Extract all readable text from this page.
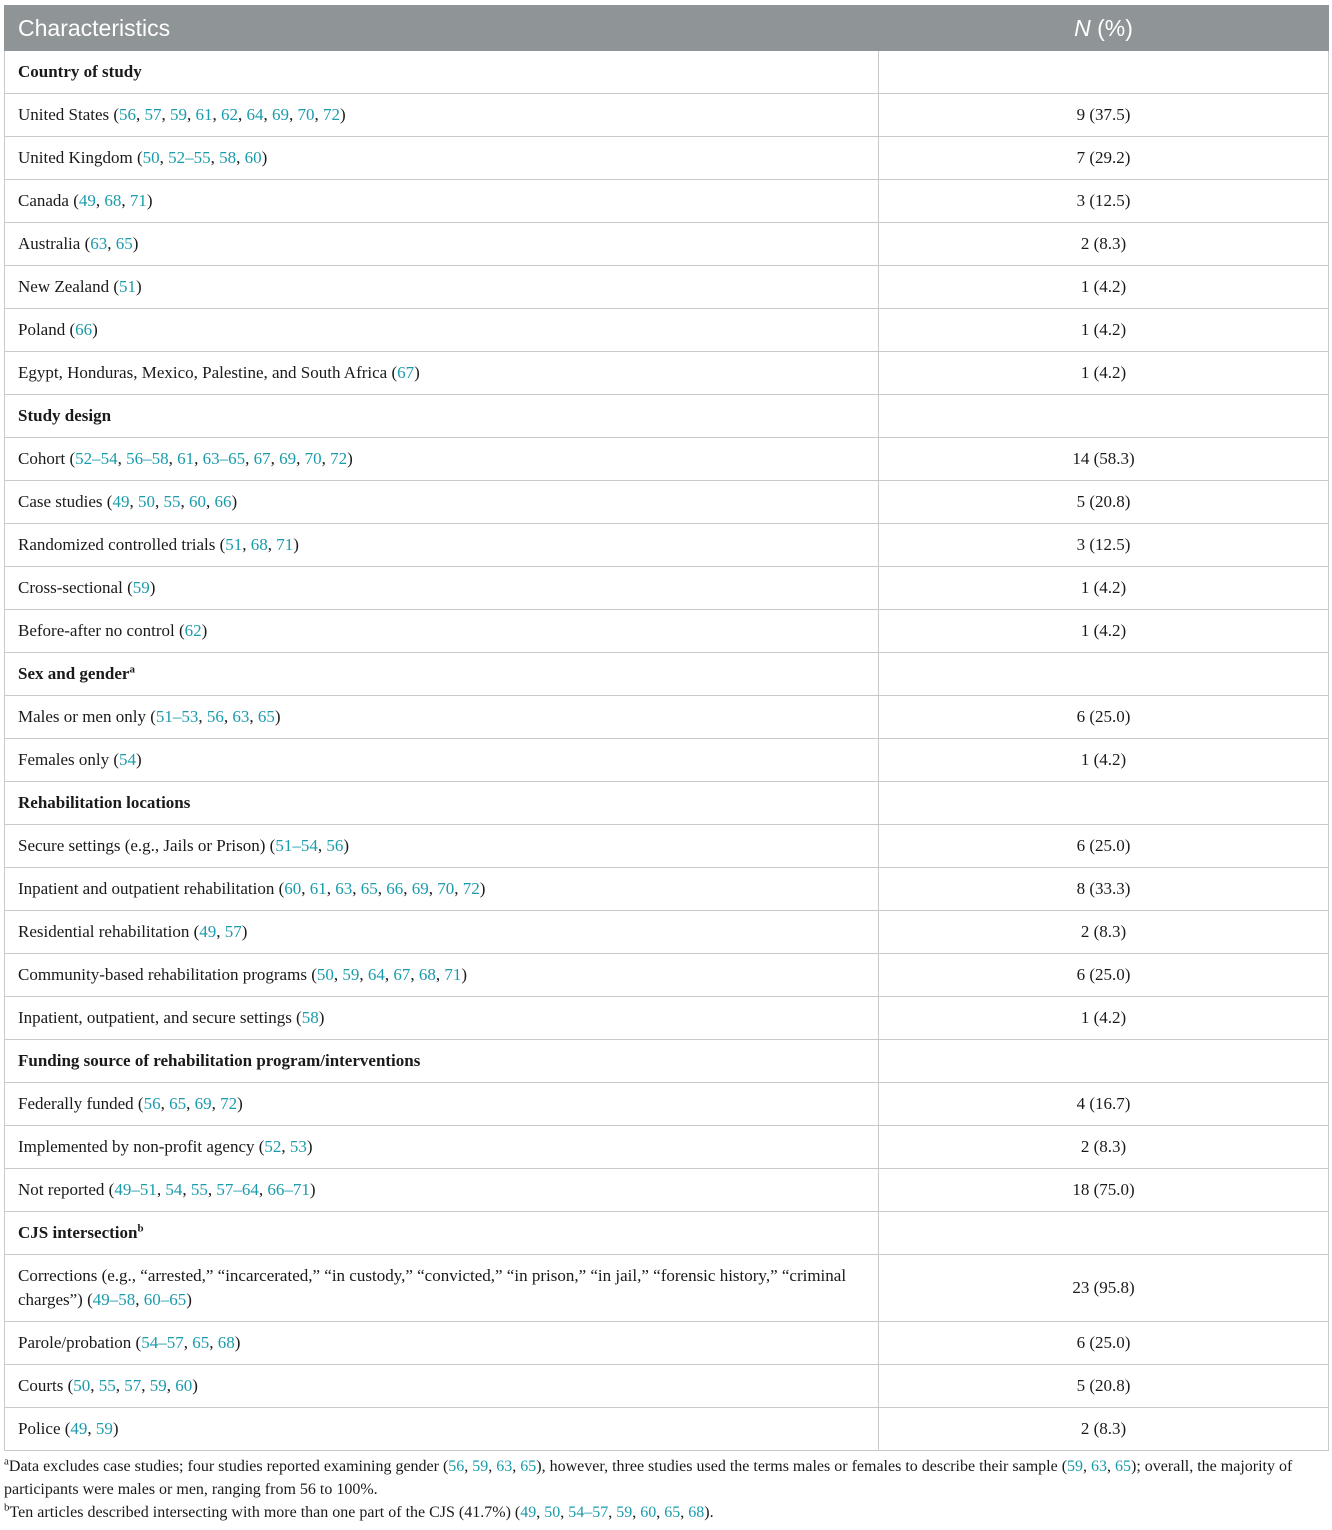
Characteristics	N (%)
Country of study	
United States (56, 57, 59, 61, 62, 64, 69, 70, 72)	9 (37.5)
United Kingdom (50, 52–55, 58, 60)	7 (29.2)
Canada (49, 68, 71)	3 (12.5)
Australia (63, 65)	2 (8.3)
New Zealand (51)	1 (4.2)
Poland (66)	1 (4.2)
Egypt, Honduras, Mexico, Palestine, and South Africa (67)	1 (4.2)
Study design	
Cohort (52–54, 56–58, 61, 63–65, 67, 69, 70, 72)	14 (58.3)
Case studies (49, 50, 55, 60, 66)	5 (20.8)
Randomized controlled trials (51, 68, 71)	3 (12.5)
Cross-sectional (59)	1 (4.2)
Before-after no control (62)	1 (4.2)
Sex and gender$^a$	
Males or men only (51–53, 56, 63, 65)	6 (25.0)
Females only (54)	1 (4.2)
Rehabilitation locations	
Secure settings (e.g., Jails or Prison) (51–54, 56)	6 (25.0)
Inpatient and outpatient rehabilitation (60, 61, 63, 65, 66, 69, 70, 72)	8 (33.3)
Residential rehabilitation (49, 57)	2 (8.3)
Community-based rehabilitation programs (50, 59, 64, 67, 68, 71)	6 (25.0)
Inpatient, outpatient, and secure settings (58)	1 (4.2)
Funding source of rehabilitation program/interventions	
Federally funded (56, 65, 69, 72)	4 (16.7)
Implemented by non-profit agency (52, 53)	2 (8.3)
Not reported (49–51, 54, 55, 57–64, 66–71)	18 (75.0)
CJS intersection$^b$	
Corrections (e.g., “arrested,” “incarcerated,” “in custody,” “convicted,” “in prison,” “in jail,” “forensic history,” “criminal charges”) (49–58, 60–65)	23 (95.8)
Parole/probation (54–57, 65, 68)	6 (25.0)
Courts (50, 55, 57, 59, 60)	5 (20.8)
Police (49, 59)	2 (8.3)

$^a$Data excludes case studies; four studies reported examining gender (56, 59, 63, 65), however, three studies used the terms males or females to describe their sample (59, 63, 65); overall, the majority of participants were males or men, ranging from 56 to 100%.

$^b$Ten articles described intersecting with more than one part of the CJS (41.7%) (49, 50, 54–57, 59, 60, 65, 68).
